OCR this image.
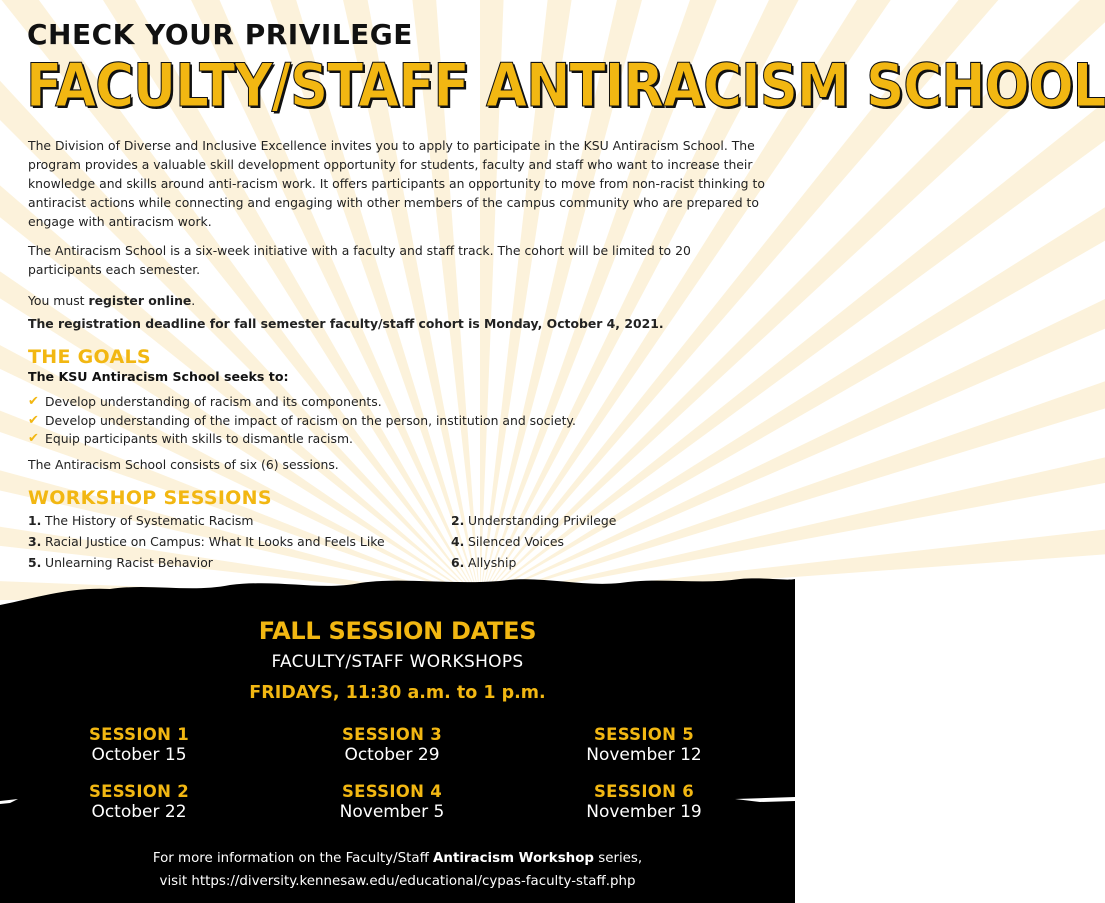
CHECK YOUR PRIVILEGE
FACULTY/STAFF ANTIRACISM SCHOOL

The Division of Diverse and Inclusive Excellence invites you to apply to participate in the KSU Antiracism School. The program provides a valuable skill development opportunity for students, faculty and staff who want to increase their knowledge and skills around anti-racism work. It offers participants an opportunity to move from non-racist thinking to antiracist actions while connecting and engaging with other members of the campus community who are prepared to engage with antiracism work.

The Antiracism School is a six-week initiative with a faculty and staff track. The cohort will be limited to 20 participants each semester.

You must register online.

The registration deadline for fall semester faculty/staff cohort is Monday, October 4, 2021.

THE GOALS
The KSU Antiracism School seeks to:
✔ Develop understanding of racism and its components.
✔ Develop understanding of the impact of racism on the person, institution and society.
✔ Equip participants with skills to dismantle racism.

The Antiracism School consists of six (6) sessions.

WORKSHOP SESSIONS
1. The History of Systematic Racism	2. Understanding Privilege
3. Racial Justice on Campus: What It Looks and Feels Like	4. Silenced Voices
5. Unlearning Racist Behavior	6. Allyship
FALL SESSION DATES
FACULTY/STAFF WORKSHOPS
FRIDAYS, 11:30 a.m. to 1 p.m.
SESSION 1
October 15
SESSION 2
October 22
SESSION 3
October 29
SESSION 4
November 5
SESSION 5
November 12
SESSION 6
November 19
For more information on the Faculty/Staff Antiracism Workshop series,
visit https://diversity.kennesaw.edu/educational/cypas-faculty-staff.php
